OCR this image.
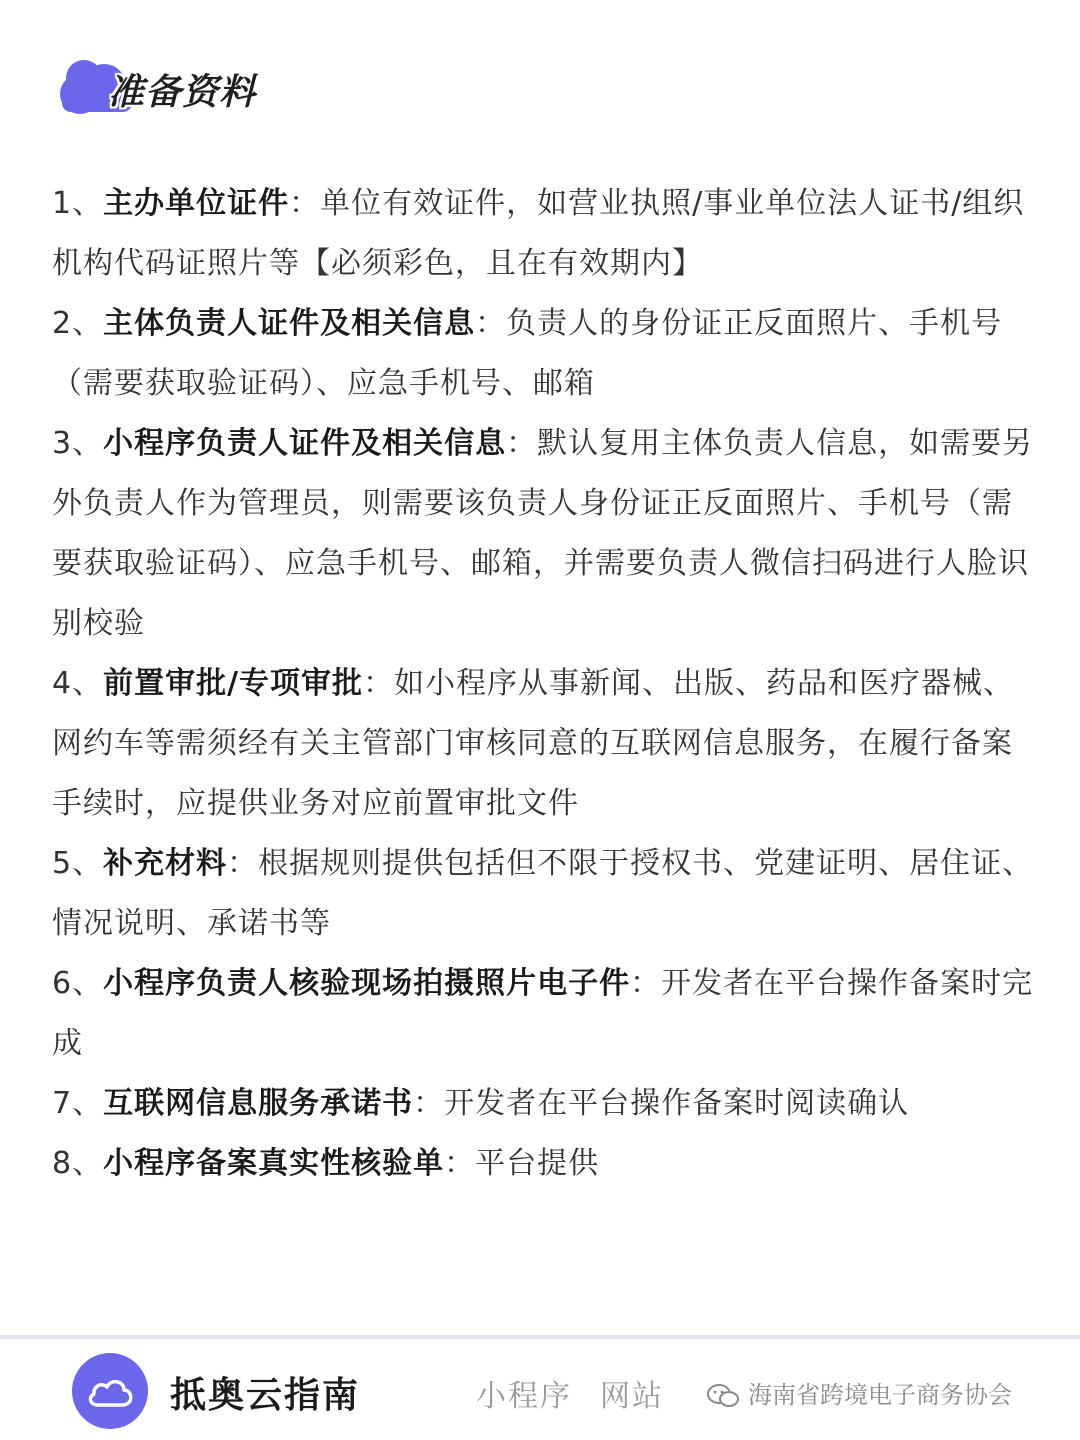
准备资料

1、主办单位证件：单位有效证件，如营业执照/事业单位法人证书/组织机构代码证照片等【必须彩色，且在有效期内】

2、主体负责人证件及相关信息：负责人的身份证正反面照片、手机号（需要获取验证码）、应急手机号、邮箱

3、小程序负责人证件及相关信息：默认复用主体负责人信息，如需要另外负责人作为管理员，则需要该负责人身份证正反面照片、手机号（需要获取验证码）、应急手机号、邮箱，并需要负责人微信扫码进行人脸识别校验

4、前置审批/专项审批：如小程序从事新闻、出版、药品和医疗器械、网约车等需须经有关主管部门审核同意的互联网信息服务，在履行备案手续时，应提供业务对应前置审批文件

5、补充材料：根据规则提供包括但不限于授权书、党建证明、居住证、情况说明、承诺书等

6、小程序负责人核验现场拍摄照片电子件：开发者在平台操作备案时完成

7、互联网信息服务承诺书：开发者在平台操作备案时阅读确认

8、小程序备案真实性核验单：平台提供

抵奥云指南	小程序 网站	海南省跨境电子商务协会
